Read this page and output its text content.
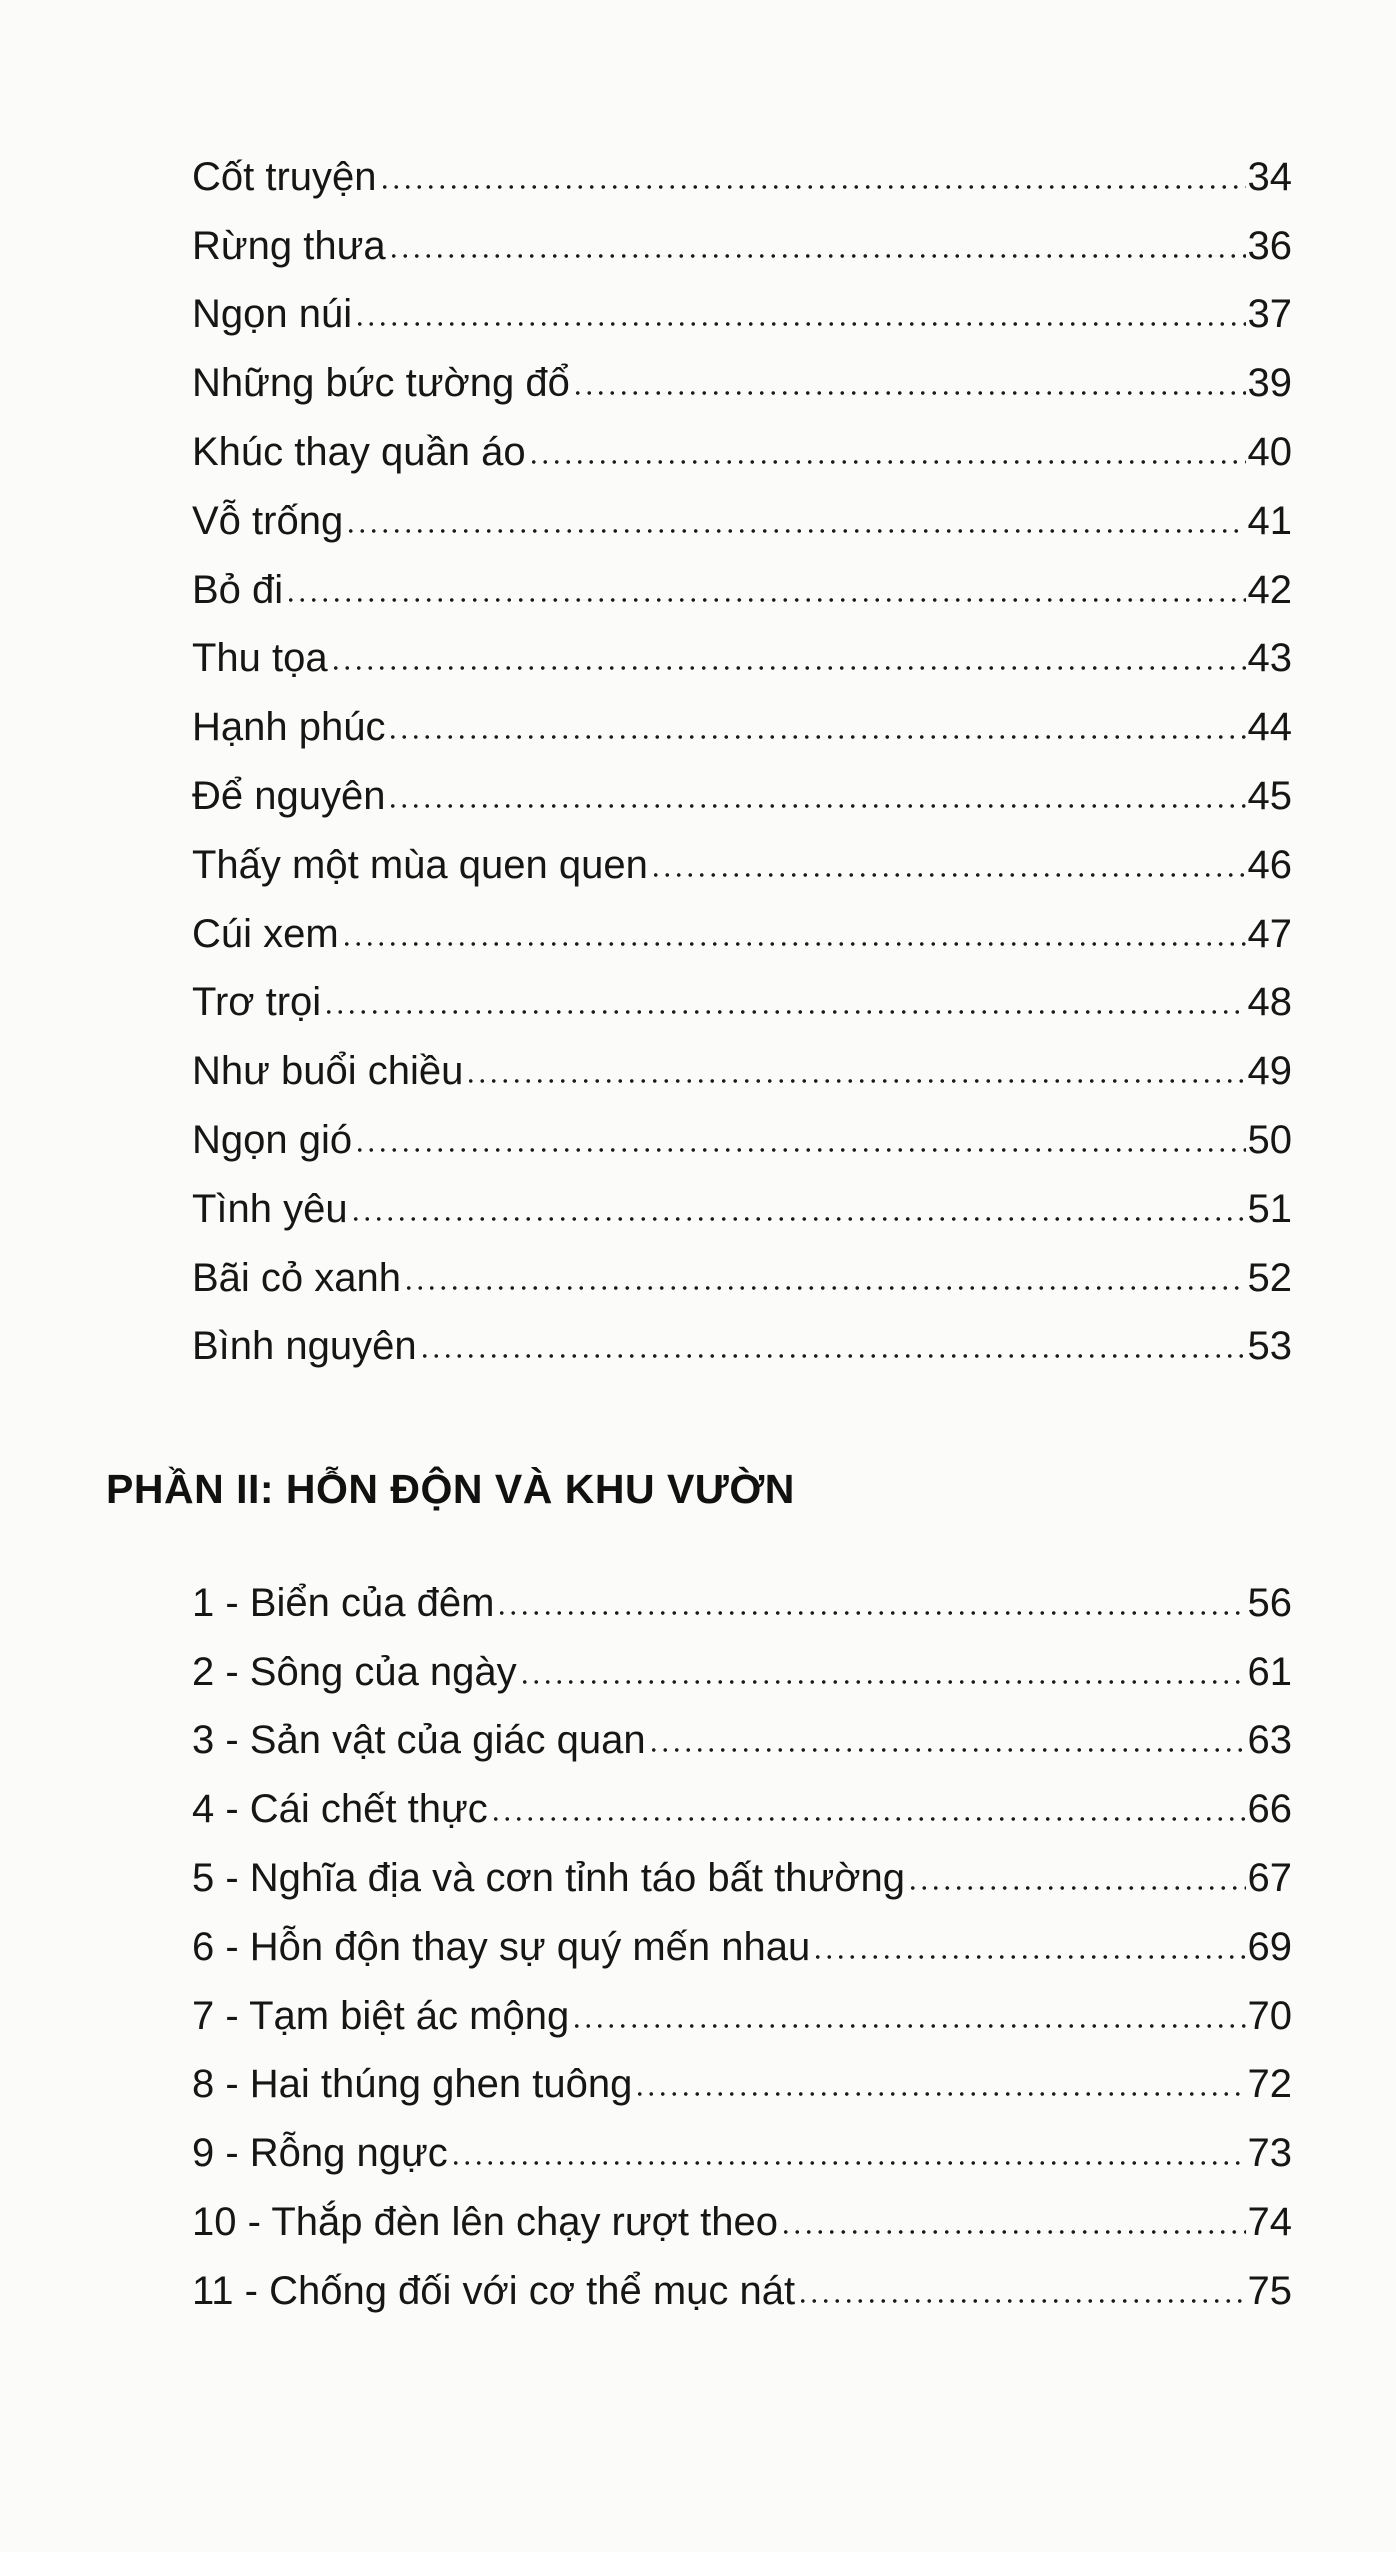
Cốt truyện	34
Rừng thưa	36
Ngọn núi	37
Những bức tường đổ	39
Khúc thay quần áo	40
Vỗ trống	41
Bỏ đi	42
Thu tọa	43
Hạnh phúc	44
Để nguyên	45
Thấy một mùa quen quen	46
Cúi xem	47
Trơ trọi	48
Như buổi chiều	49
Ngọn gió	50
Tình yêu	51
Bãi cỏ xanh	52
Bình nguyên	53
PHẦN II: HỖN ĐỘN VÀ KHU VƯỜN
1 - Biển của đêm	56
2 - Sông của ngày	61
3 - Sản vật của giác quan	63
4 - Cái chết thực	66
5 - Nghĩa địa và cơn tỉnh táo bất thường	67
6 - Hỗn độn thay sự quý mến nhau	69
7 - Tạm biệt ác mộng	70
8 - Hai thúng ghen tuông	72
9 - Rỗng ngực	73
10 - Thắp đèn lên chạy rượt theo	74
11 - Chống đối với cơ thể mục nát	75
